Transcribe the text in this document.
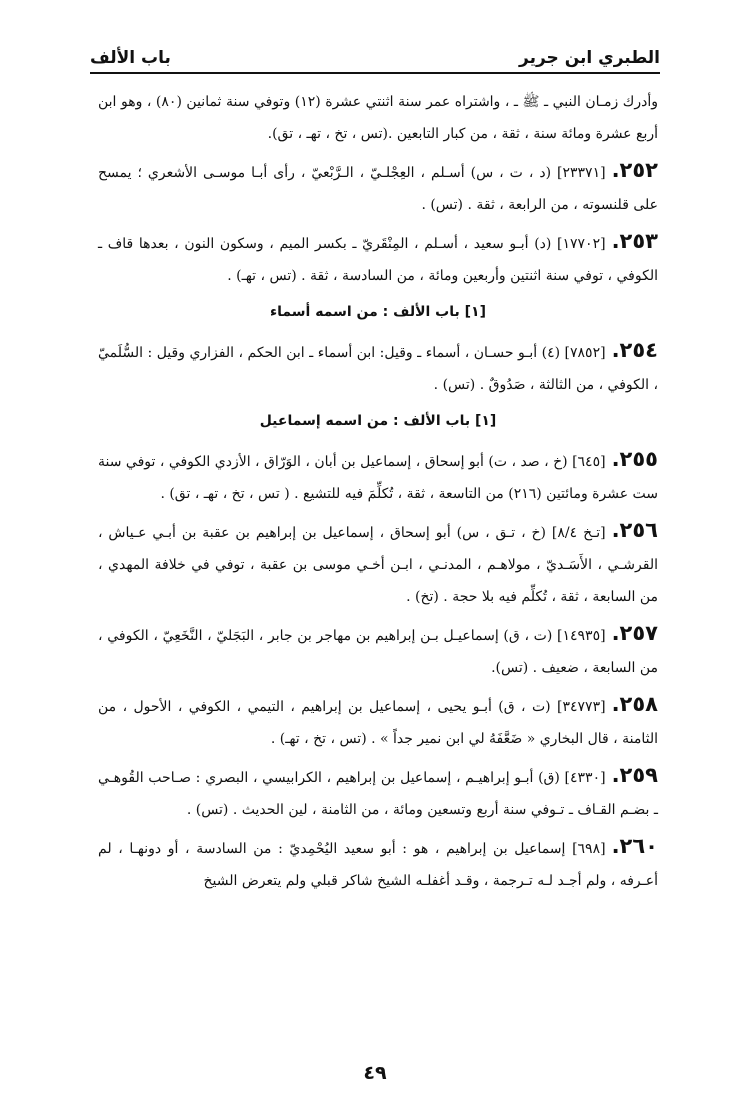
الطبري ابن جرير
باب الألف

وأدرك زمـان النبي ـ ﷺ ـ ، واشتراه عمر سنة اثنتي عشرة (١٢) وتوفي سنة ثمانين (٨٠) ، وهو ابن أربع عشرة ومائة سنة ، ثقة ، من كبار التابعين .(تس ، تخ ، تهـ ، تق).

٢٥٢.[٢٣٣٧١] (د ، ت ، س) أسـلم ، العِجْلـيّ ، الـرَّبْعيّ ، رأى أبـا موسـى الأشعري ؛ يمسح على قلنسوته ، من الرابعة ، ثقة . (تس) .

٢٥٣.[١٧٧٠٢] (د) أبـو سعيد ، أسـلم ، المِنْقَريّ ـ بكسر الميم ، وسكون النون ، بعدها قاف ـ الكوفي ، توفي سنة اثنتين وأربعين ومائة ، من السادسة ، ثقة . (تس ، تهـ) .

[١] باب الألف : من اسمه أسماء

٢٥٤.[٧٨٥٢] (٤) أبـو حسـان ، أسماء ـ وقيل: ابن أسماء ـ ابن الحكم ، الفزاري وقيل : السُّلَميّ ، الكوفي ، من الثالثة ، صَدُوقٌ . (تس) .

[١] باب الألف : من اسمه إسماعيل

٢٥٥.[٦٤٥] (خ ، صد ، ت) أبو إسحاق ، إسماعيل بن أبان ، الوَرّاق ، الأزدي الكوفي ، توفي سنة ست عشرة ومائتين (٢١٦) من التاسعة ، ثقة ، تُكلِّمَ فيه للتشيع . ( تس ، تخ ، تهـ ، تق) .

٢٥٦.[تـخ ٨/٤] (خ ، تـق ، س) أبو إسحاق ، إسماعيل بن إبراهيم بن عقبة بن أبـي عـياش ، القرشـي ، الأَسَـديّ ، مولاهـم ، المدنـي ، ابـن أخـي موسى بن عقبة ، توفي في خلافة المهدي ، من السابعة ، ثقة ، تُكلِّم فيه بلا حجة . (تخ) .

٢٥٧.[١٤٩٣٥] (ت ، ق) إسماعيـل بـن إبراهيم بن مهاجر بن جابر ، البَجَليّ ، النَّخَعِيّ ، الكوفي ، من السابعة ، ضعيف . (تس).

٢٥٨.[٣٤٧٧٣] (ت ، ق) أبـو يحيى ، إسماعيل بن إبراهيم ، التيمي ، الكوفي ، الأحول ، من الثامنة ، قال البخاري « ضَعَّفَهُ لي ابن نمير جداً » . (تس ، تخ ، تهـ) .

٢٥٩.[٤٣٣٠] (ق) أبـو إبراهيـم ، إسماعيل بن إبراهيم ، الكرابيسي ، البصري : صـاحب القُوهـي ـ بضـم القـاف ـ تـوفي سنة أربع وتسعين ومائة ، من الثامنة ، لين الحديث . (تس) .

٢٦٠.[٦٩٨] إسماعيل بن إبراهيم ، هو : أبو سعيد اليُحْمِديّ : من السادسة ، أو دونهـا ، لم أعـرفه ، ولم أجـد لـه تـرجمة ، وقـد أغفلـه الشيخ شاكر قبلي ولم يتعرض الشيخ

٤٩
